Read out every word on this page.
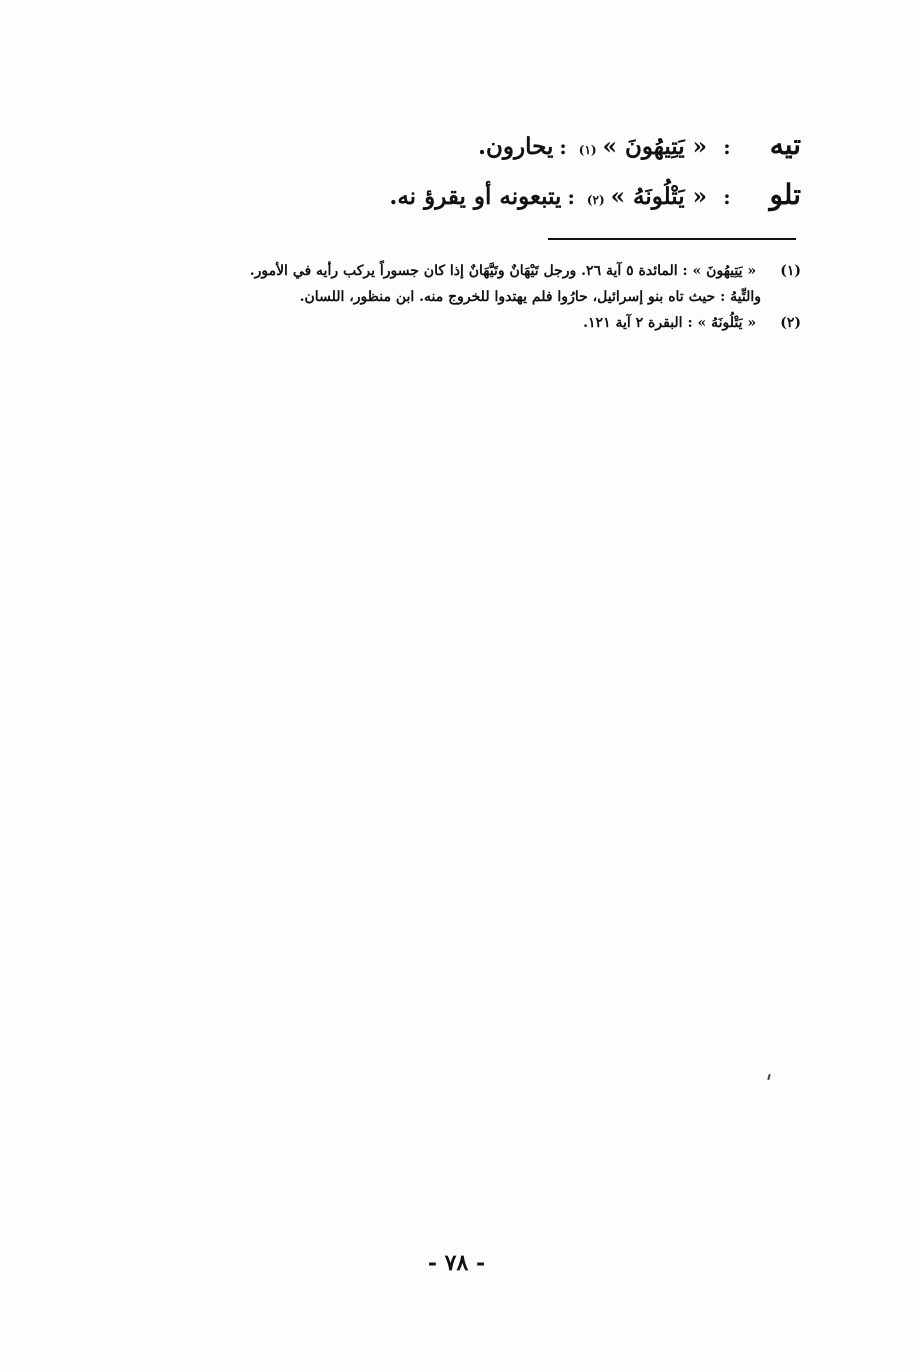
تيه
:
« يَتِيهُونَ »
(١)
:
يحارون.
تلو
:
« يَتْلُونَهُ »
(٢)
:
يتبعونه أو يقرؤ نه.
(١) « يَتِيهُونَ » : المائدة ٥ آية ٢٦. ورجل تَيْهَانٌ وتَيَّهَانٌ إذا كان جسوراً يركب رأيه في الأمور.
والتِّيهُ : حيث تاه بنو إسرائيل، حارُوا فلم يهتدوا للخروج منه. ابن منظور، اللسان.
(٢) « يَتْلُونَهُ » : البقرة ٢ آية ١٢١.
- ٧٨ -
